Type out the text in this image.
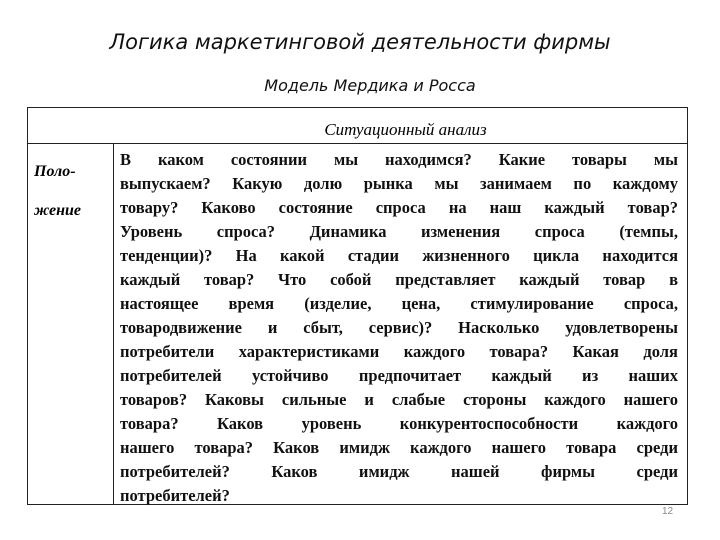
Логика маркетинговой деятельности фирмы
Модель Мердика и Росса
Ситуационный анализ
Поло-
жение
В каком состоянии мы находимся? Какие товары мы
выпускаем? Какую долю рынка мы занимаем по каждому
товару? Каково состояние спроса на наш каждый товар?
Уровень спроса? Динамика изменения спроса (темпы,
тенденции)? На какой стадии жизненного цикла находится
каждый товар? Что собой представляет каждый товар в
настоящее время (изделие, цена, стимулирование спроса,
товародвижение и сбыт, сервис)? Насколько удовлетворены
потребители характеристиками каждого товара? Какая доля
потребителей устойчиво предпочитает каждый из наших
товаров? Каковы сильные и слабые стороны каждого нашего
товара? Каков уровень конкурентоспособности каждого
нашего товара? Каков имидж каждого нашего товара среди
потребителей? Каков имидж нашей фирмы среди
потребителей?
12
